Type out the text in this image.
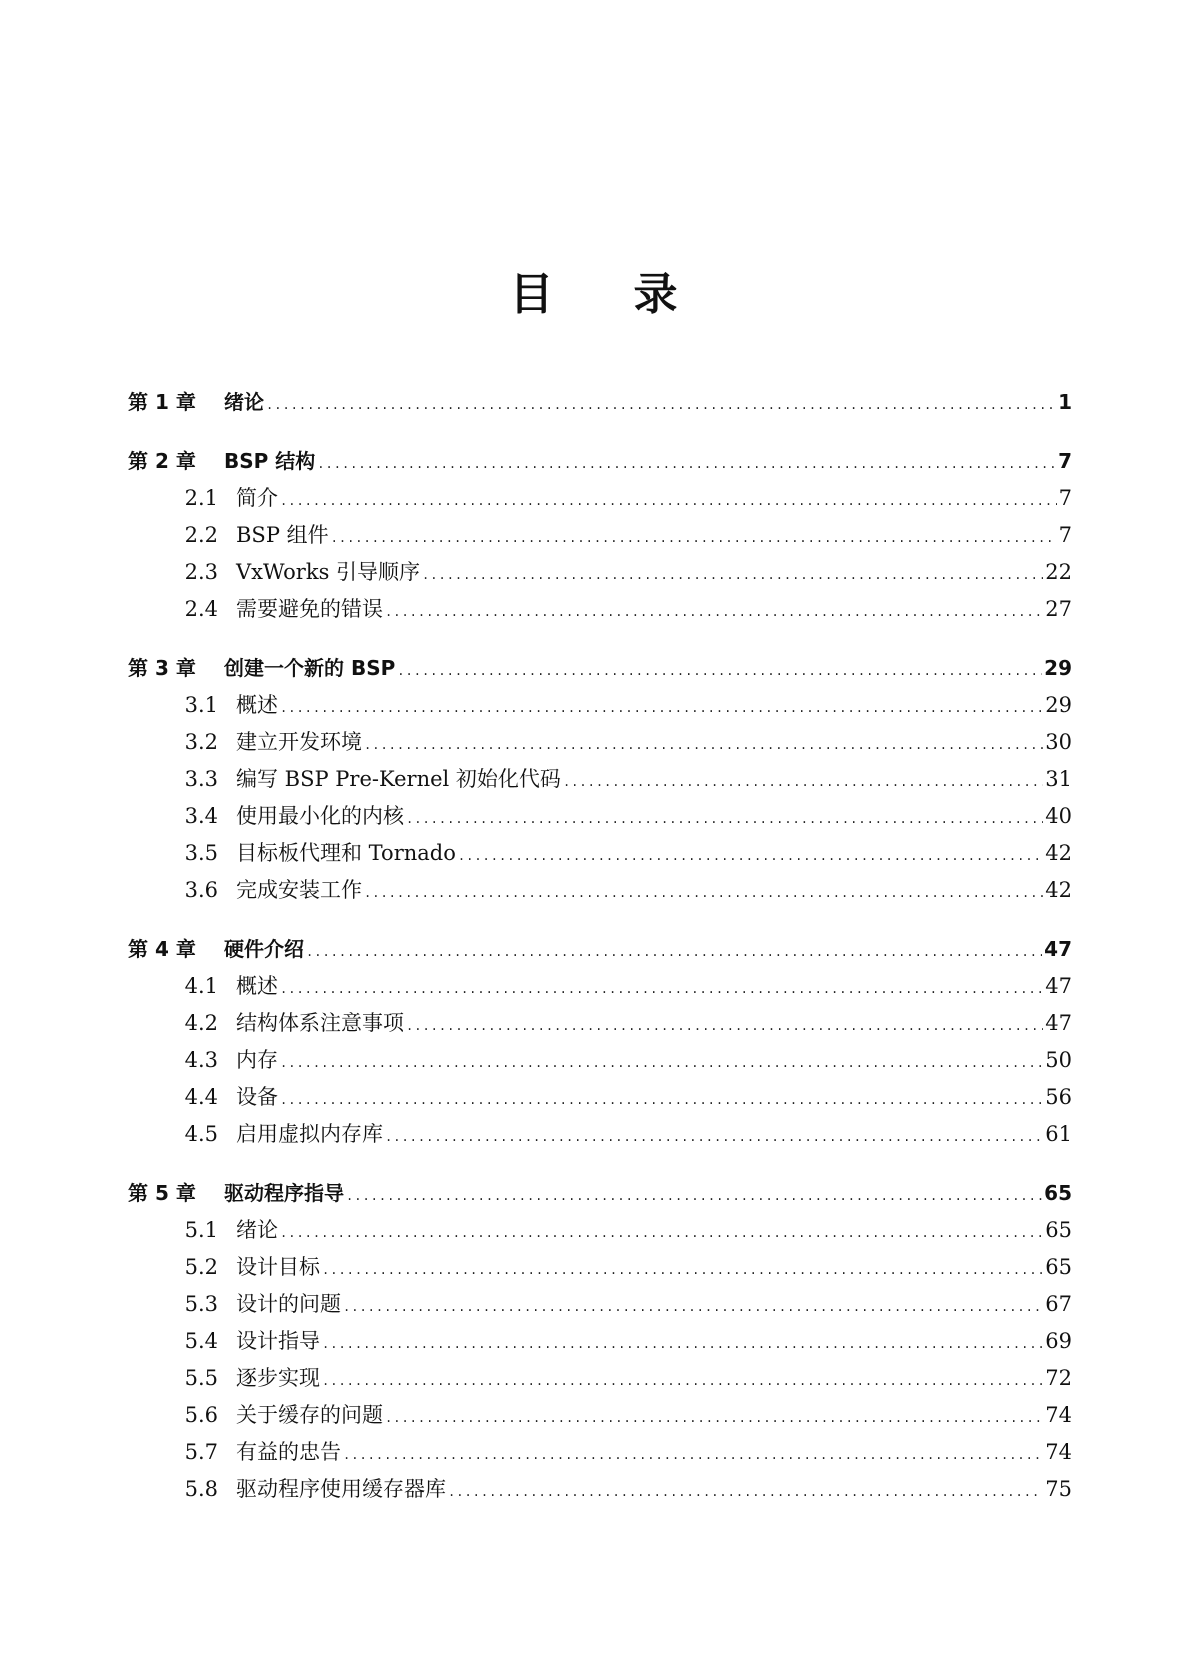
目 录
第 1 章	绪论 .....	1
第 2 章	BSP 结构 .....	7
2.1 简介 .....	7
2.2 BSP 组件 .....	7
2.3 VxWorks 引导顺序 .....	22
2.4 需要避免的错误 .....	27
第 3 章	创建一个新的 BSP .....	29
3.1 概述 .....	29
3.2 建立开发环境 .....	30
3.3 编写 BSP Pre-Kernel 初始化代码 .....	31
3.4 使用最小化的内核 .....	40
3.5 目标板代理和 Tornado .....	42
3.6 完成安装工作 .....	42
第 4 章	硬件介绍 .....	47
4.1 概述 .....	47
4.2 结构体系注意事项 .....	47
4.3 内存 .....	50
4.4 设备 .....	56
4.5 启用虚拟内存库 .....	61
第 5 章	驱动程序指导 .....	65
5.1 绪论 .....	65
5.2 设计目标 .....	65
5.3 设计的问题 .....	67
5.4 设计指导 .....	69
5.5 逐步实现 .....	72
5.6 关于缓存的问题 .....	74
5.7 有益的忠告 .....	74
5.8 驱动程序使用缓存器库 .....	75
